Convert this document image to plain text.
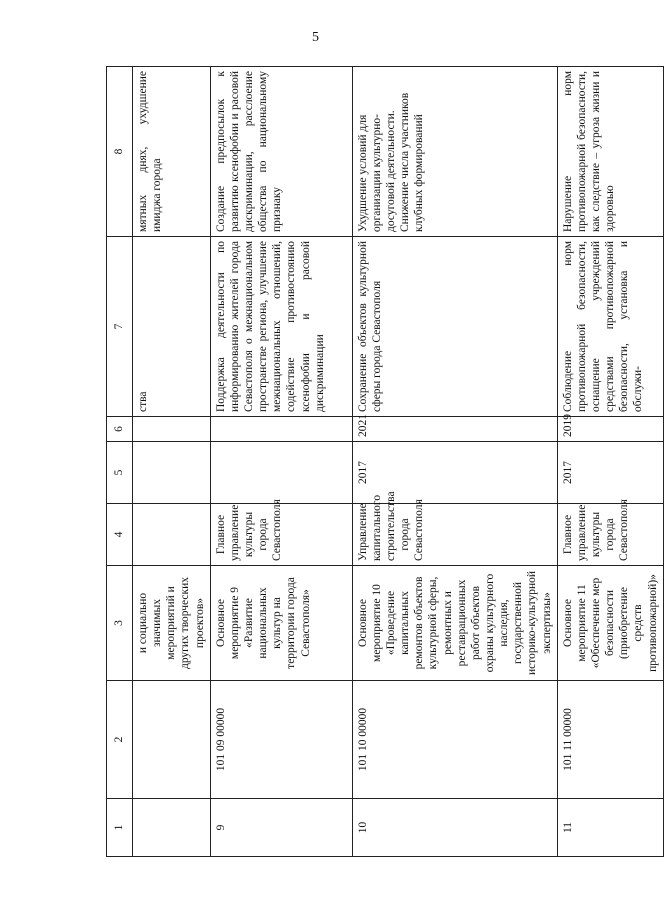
5
1	2	3	4	5	6	7	8
		и социально значимых мероприятий и других творческих проектов»				ства	мятных днях, ухудшение имиджа города
9	101 09 00000	Основное мероприятие 9 «Развитие национальных культур на территории города Севастополя»	Главное управление культуры города Севастополя			Поддержка деятельности по информированию жителей города Севастополя о межнациональном пространстве региона, улучшение межнациональных отношений, содействие противостоянию ксенофобии и расовой дискриминации	Создание предпосылок к развитию ксенофобии и расовой дискриминации, расслоение общества по национальному признаку
10	101 10 00000	Основное мероприятие 10 «Проведение капитальных ремонтов объектов культурной сферы, ремонтных и реставрационных работ объектов охраны культурного наследия, государственной историко-культурной экспертизы»	Управление капитального строительства города Севастополя	2017	2021	Сохранение объектов культурной сферы города Севастополя	Ухудшение условий для организации культурно-досуговой деятельности. Снижение числа участников клубных формирований
11	101 11 00000	Основное мероприятие 11 «Обеспечение мер безопасности (приобретение средств противопожарной)»	Главное управление культуры города Севастополя	2017	2019	Соблюдение норм противопожарной безопасности, оснащение учреждений средствами противопожарной безопасности, установка и обслужи-	Нарушение норм противопожарной безопасности, как следствие – угроза жизни и здоровью
